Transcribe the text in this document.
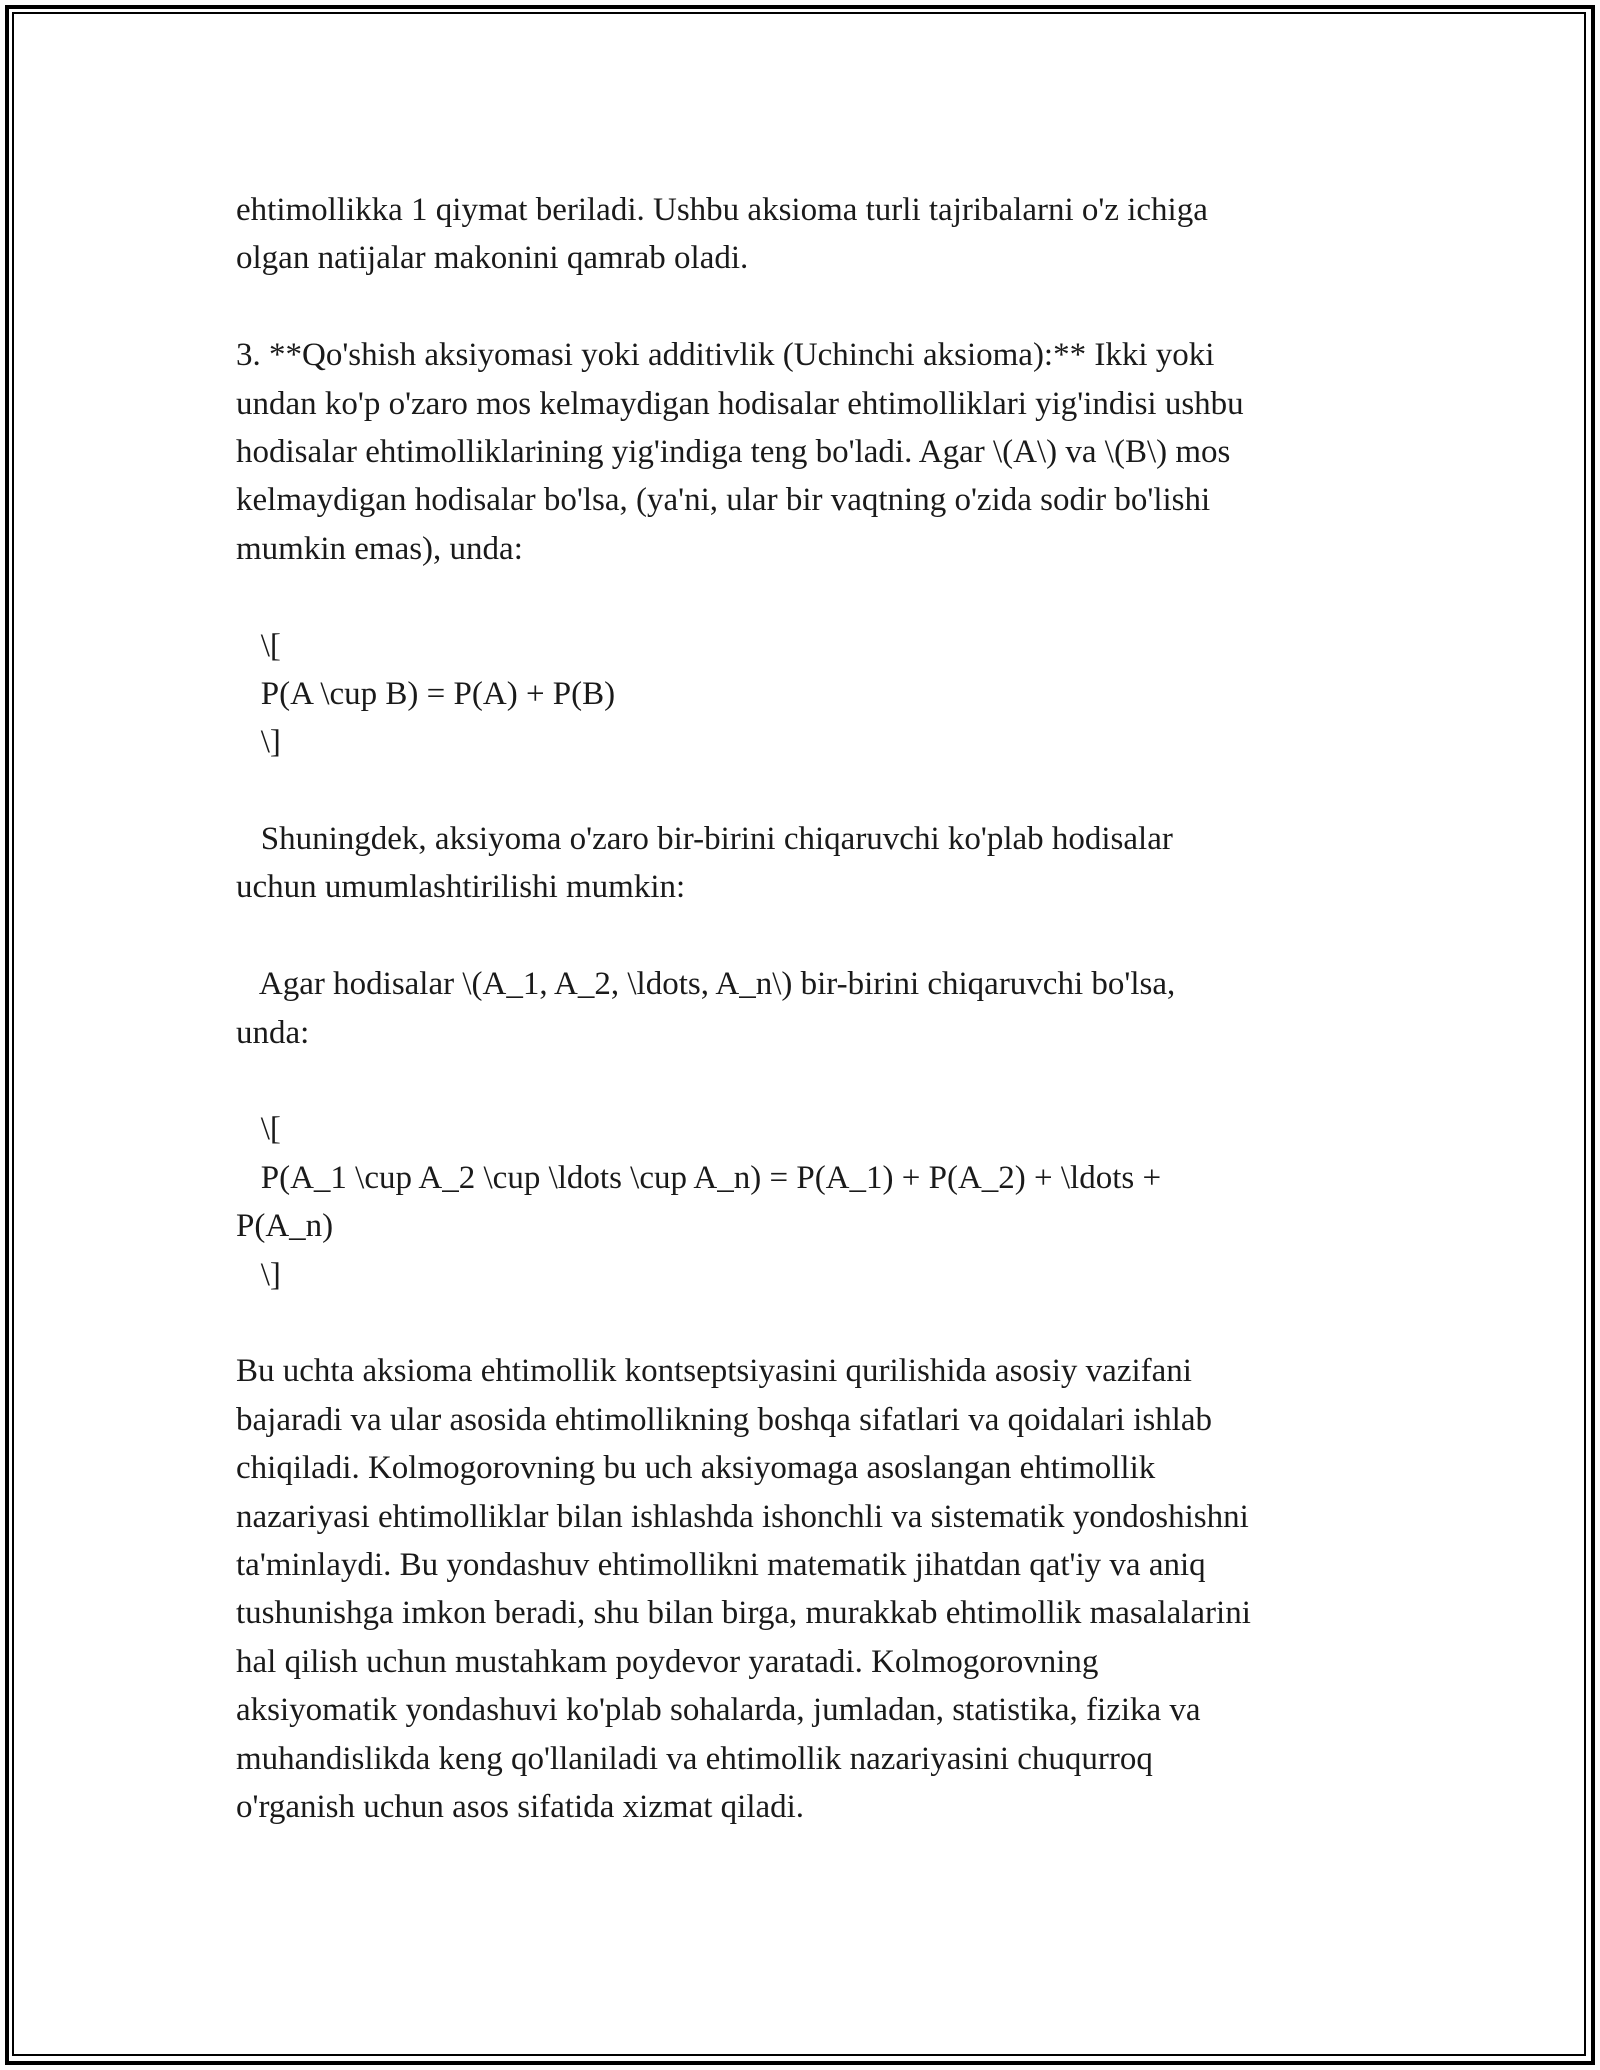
ehtimollikka 1 qiymat beriladi. Ushbu aksioma turli tajribalarni o'z ichiga
olgan natijalar makonini qamrab oladi.
3. **Qo'shish aksiyomasi yoki additivlik (Uchinchi aksioma):** Ikki yoki
undan ko'p o'zaro mos kelmaydigan hodisalar ehtimolliklari yig'indisi ushbu
hodisalar ehtimolliklarining yig'indiga teng bo'ladi. Agar \(A\) va \(B\) mos
kelmaydigan hodisalar bo'lsa, (ya'ni, ular bir vaqtning o'zida sodir bo'lishi
mumkin emas), unda:
\[
P(A \cup B) = P(A) + P(B)
\]
Shuningdek, aksiyoma o'zaro bir-birini chiqaruvchi ko'plab hodisalar
uchun umumlashtirilishi mumkin:
Agar hodisalar \(A_1, A_2, \ldots, A_n\) bir-birini chiqaruvchi bo'lsa,
unda:
\[
P(A_1 \cup A_2 \cup \ldots \cup A_n) = P(A_1) + P(A_2) + \ldots +
P(A_n)
\]
Bu uchta aksioma ehtimollik kontseptsiyasini qurilishida asosiy vazifani
bajaradi va ular asosida ehtimollikning boshqa sifatlari va qoidalari ishlab
chiqiladi. Kolmogorovning bu uch aksiyomaga asoslangan ehtimollik
nazariyasi ehtimolliklar bilan ishlashda ishonchli va sistematik yondoshishni
ta'minlaydi. Bu yondashuv ehtimollikni matematik jihatdan qat'iy va aniq
tushunishga imkon beradi, shu bilan birga, murakkab ehtimollik masalalarini
hal qilish uchun mustahkam poydevor yaratadi. Kolmogorovning
aksiyomatik yondashuvi ko'plab sohalarda, jumladan, statistika, fizika va
muhandislikda keng qo'llaniladi va ehtimollik nazariyasini chuqurroq
o'rganish uchun asos sifatida xizmat qiladi.
